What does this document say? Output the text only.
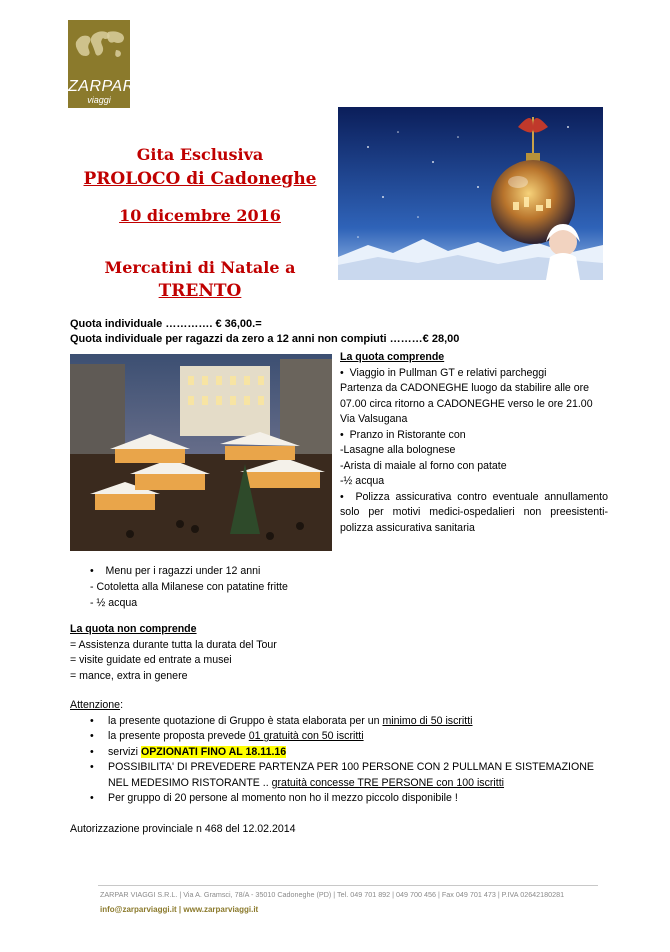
ZARPAR
viaggi
Gita Esclusiva
PROLOCO di Cadoneghe
10 dicembre 2016
Mercatini di Natale a
TRENTO
Quota individuale …………. € 36,00.=
Quota individuale per ragazzi da zero a 12 anni non compiuti ………€ 28,00
La quota comprende
• Viaggio in Pullman GT e relativi parcheggi
Partenza da CADONEGHE luogo da stabilire alle ore 07.00 circa ritorno a CADONEGHE verso le ore 21.00 Via Valsugana
• Pranzo in Ristorante con
-Lasagne alla bolognese
-Arista di maiale al forno con patate
-½ acqua
• Polizza assicurativa contro eventuale annullamento solo per motivi medici-ospedalieri non preesistenti- polizza assicurativa sanitaria
• Menu per i ragazzi under 12 anni
- Cotoletta alla Milanese con patatine fritte
- ½ acqua
La quota non comprende
= Assistenza durante tutta la durata del Tour
= visite guidate ed entrate a musei
= mance, extra in genere
Attenzione:
• la presente quotazione di Gruppo è stata elaborata per un minimo di 50 iscritti
• la presente proposta prevede 01 gratuità con 50 iscritti
• servizi OPZIONATI FINO AL 18.11.16
• POSSIBILITA' DI PREVEDERE PARTENZA PER 100 PERSONE CON 2 PULLMAN E SISTEMAZIONE NEL MEDESIMO RISTORANTE .. gratuità concesse TRE PERSONE con 100 iscritti
• Per gruppo di 20 persone al momento non ho il mezzo piccolo disponibile !
Autorizzazione provinciale n 468 del 12.02.2014
ZARPAR VIAGGI S.R.L. | Via A. Gramsci, 78/A - 35010 Cadoneghe (PD) | Tel. 049 701 892 | 049 700 456 | Fax 049 701 473 | P.IVA 02642180281
info@zarparviaggi.it | www.zarparviaggi.it
